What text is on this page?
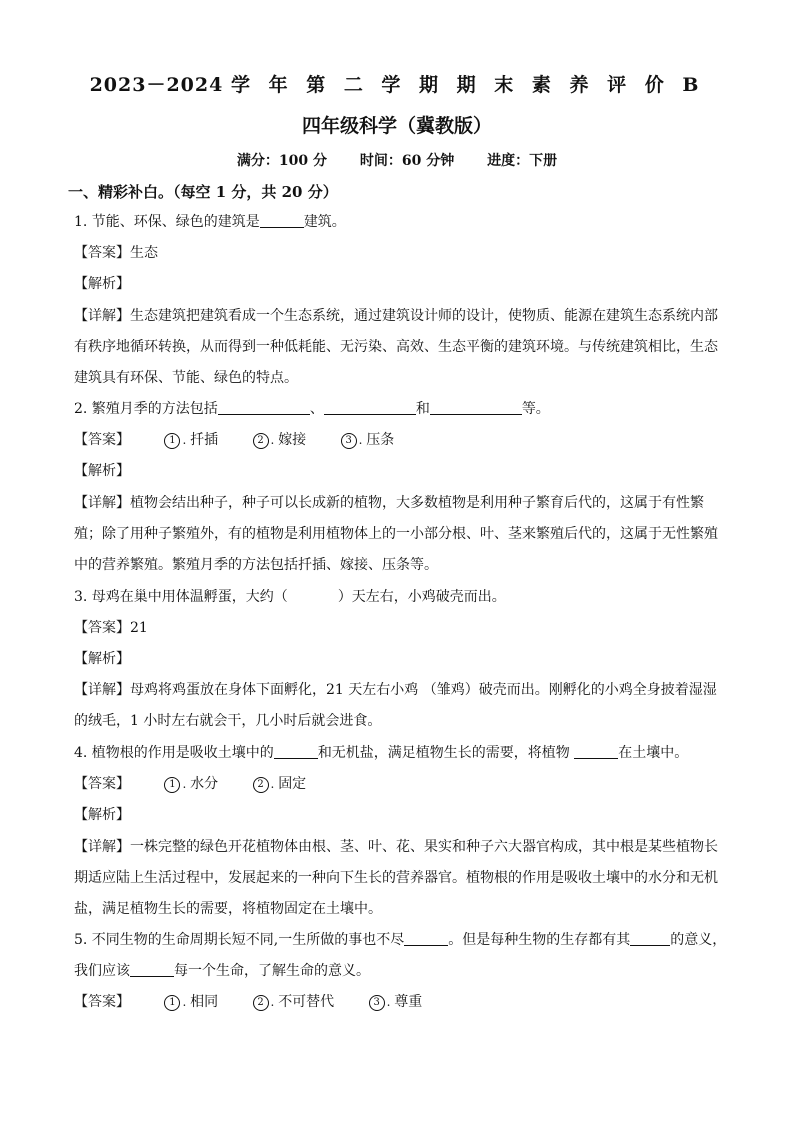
2023－2024 学 年 第 二 学 期 期 末 素 养 评 价 B
四年级科学（冀教版）
满分：100 分 时间：60 分钟 进度：下册
一、精彩补白。（每空 1 分，共 20 分）
1. 节能、环保、绿色的建筑是	建筑。
【答案】生态
【解析】
【详解】生态建筑把建筑看成一个生态系统，通过建筑设计师的设计，使物质、能源在建筑生态系统内部有秩序地循环转换，从而得到一种低耗能、无污染、高效、生态平衡的建筑环境。与传统建筑相比，生态建筑具有环保、节能、绿色的特点。
2. 繁殖月季的方法包括	、	和	等。
【答案】	1 . 扦插	2 . 嫁接	3 . 压条
【解析】
【详解】植物会结出种子，种子可以长成新的植物，大多数植物是利用种子繁育后代的，这属于有性繁殖；除了用种子繁殖外，有的植物是利用植物体上的一小部分根、叶、茎来繁殖后代的，这属于无性繁殖中的营养繁殖。繁殖月季的方法包括扦插、嫁接、压条等。
3. 母鸡在巢中用体温孵蛋，大约（	）天左右，小鸡破壳而出。
【答案】21
【解析】
【详解】母鸡将鸡蛋放在身体下面孵化，21 天左右小鸡 （雏鸡）破壳而出。刚孵化的小鸡全身披着湿湿的绒毛，1 小时左右就会干，几小时后就会进食。
4. 植物根的作用是吸收土壤中的	和无机盐，满足植物生长的需要，将植物	在土壤中。
【答案】	1 . 水分	2 . 固定
【解析】
【详解】一株完整的绿色开花植物体由根、茎、叶、花、果实和种子六大器官构成，其中根是某些植物长期适应陆上生活过程中，发展起来的一种向下生长的营养器官。植物根的作用是吸收土壤中的水分和无机盐，满足植物生长的需要，将植物固定在土壤中。
5. 不同生物的生命周期长短不同,一生所做的事也不尽	。但是每种生物的生存都有其	的意义，
我们应该	每一个生命，了解生命的意义。
【答案】	1 . 相同	2 . 不可替代	3 . 尊重
